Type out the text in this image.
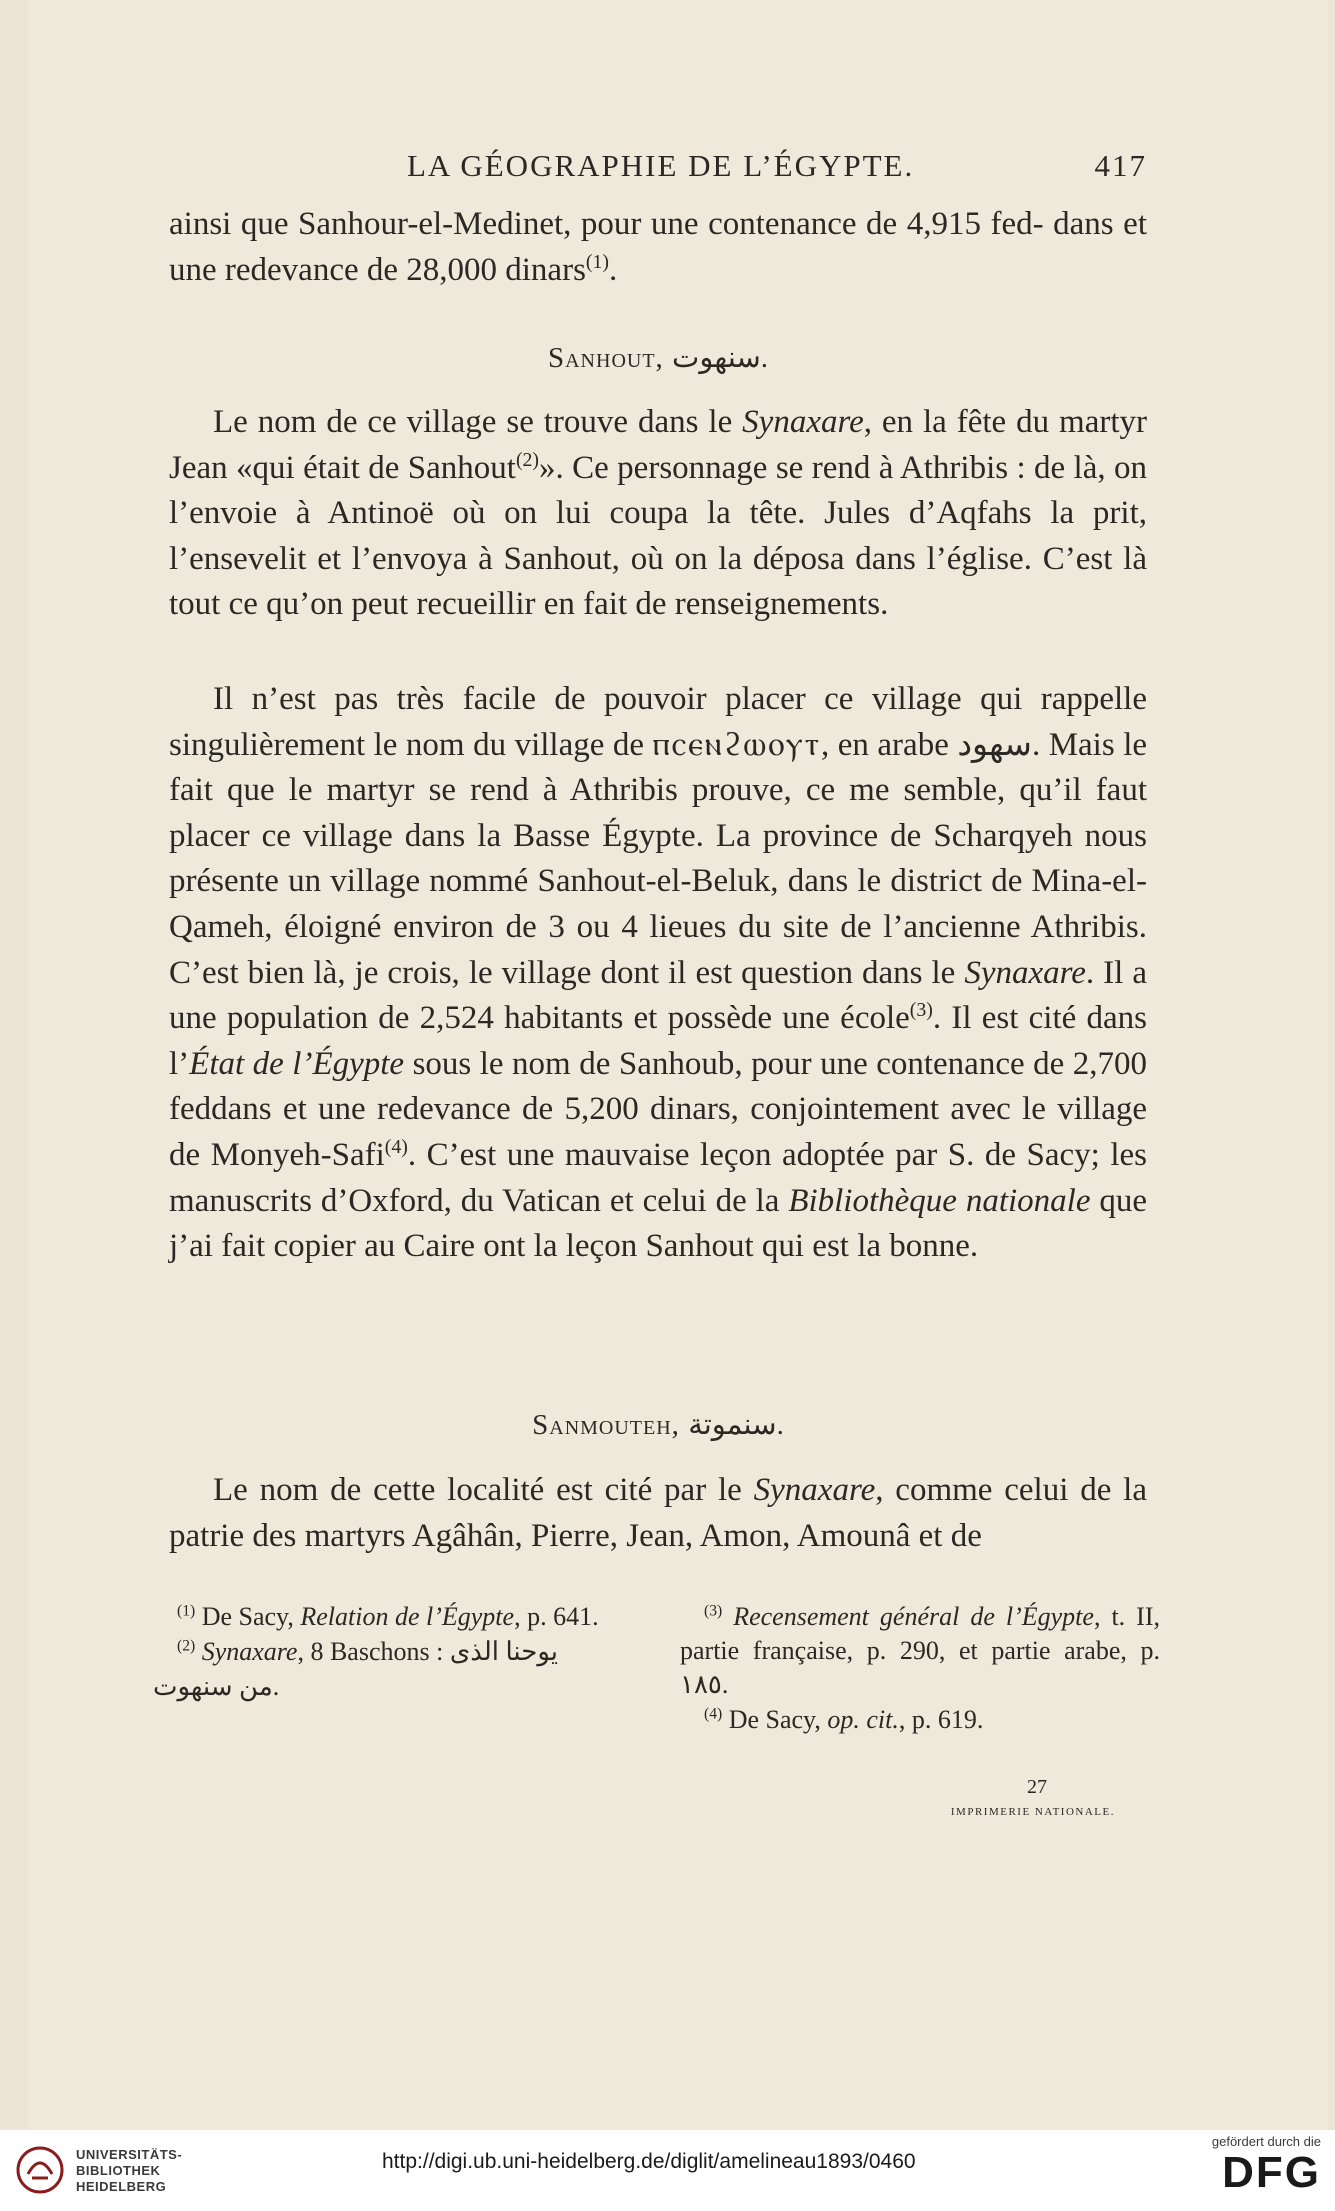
LA GÉOGRAPHIE DE L’ÉGYPTE.	417

ainsi que Sanhour-el-Medinet, pour une contenance de 4,915 fed- dans et une redevance de 28,000 dinars$^{(1)}$.

Sanhout, سنهوت.

Le nom de ce village se trouve dans le Synaxare, en la fête du martyr Jean «qui était de Sanhout$^{(2)}$». Ce personnage se rend à Athribis : de là, on l’envoie à Antinoë où on lui coupa la tête. Jules d’Aqfahs la prit, l’ensevelit et l’envoya à Sanhout, où on la déposa dans l’église. C’est là tout ce qu’on peut recueillir en fait de renseignements.

Il n’est pas très facile de pouvoir placer ce village qui rappelle singulièrement le nom du village de ⲡⲥⲉⲛϩⲱⲟⲩⲧ, en arabe سهود. Mais le fait que le martyr se rend à Athribis prouve, ce me semble, qu’il faut placer ce village dans la Basse Égypte. La province de Scharqyeh nous présente un village nommé Sanhout-el-Beluk, dans le district de Mina-el-Qameh, éloigné environ de 3 ou 4 lieues du site de l’ancienne Athribis. C’est bien là, je crois, le village dont il est question dans le Synaxare. Il a une population de 2,524 habitants et possède une école$^{(3)}$. Il est cité dans l’État de l’Égypte sous le nom de Sanhoub, pour une contenance de 2,700 feddans et une redevance de 5,200 dinars, conjointement avec le village de Monyeh-Safi$^{(4)}$. C’est une mauvaise leçon adoptée par S. de Sacy; les manuscrits d’Oxford, du Vatican et celui de la Bibliothèque nationale que j’ai fait copier au Caire ont la leçon Sanhout qui est la bonne.

Sanmouteh, سنموتة.

Le nom de cette localité est cité par le Synaxare, comme celui de la patrie des martyrs Agâhân, Pierre, Jean, Amon, Amounâ et de

$^{(1)}$ De Sacy, Relation de l’Égypte, p. 641.

$^{(2)}$ Synaxare, 8 Baschons : يوحنا الذى

من سنهوت.

$^{(3)}$ Recensement général de l’Égypte, t. II, partie française, p. 290, et partie arabe, p. ١٨٥.

$^{(4)}$ De Sacy, op. cit., p. 619.

27
IMPRIMERIE NATIONALE.
UNIVERSITÄTS-
BIBLIOTHEK
HEIDELBERG
http://digi.ub.uni-heidelberg.de/diglit/amelineau1893/0460
gefördert durch die
DFG
